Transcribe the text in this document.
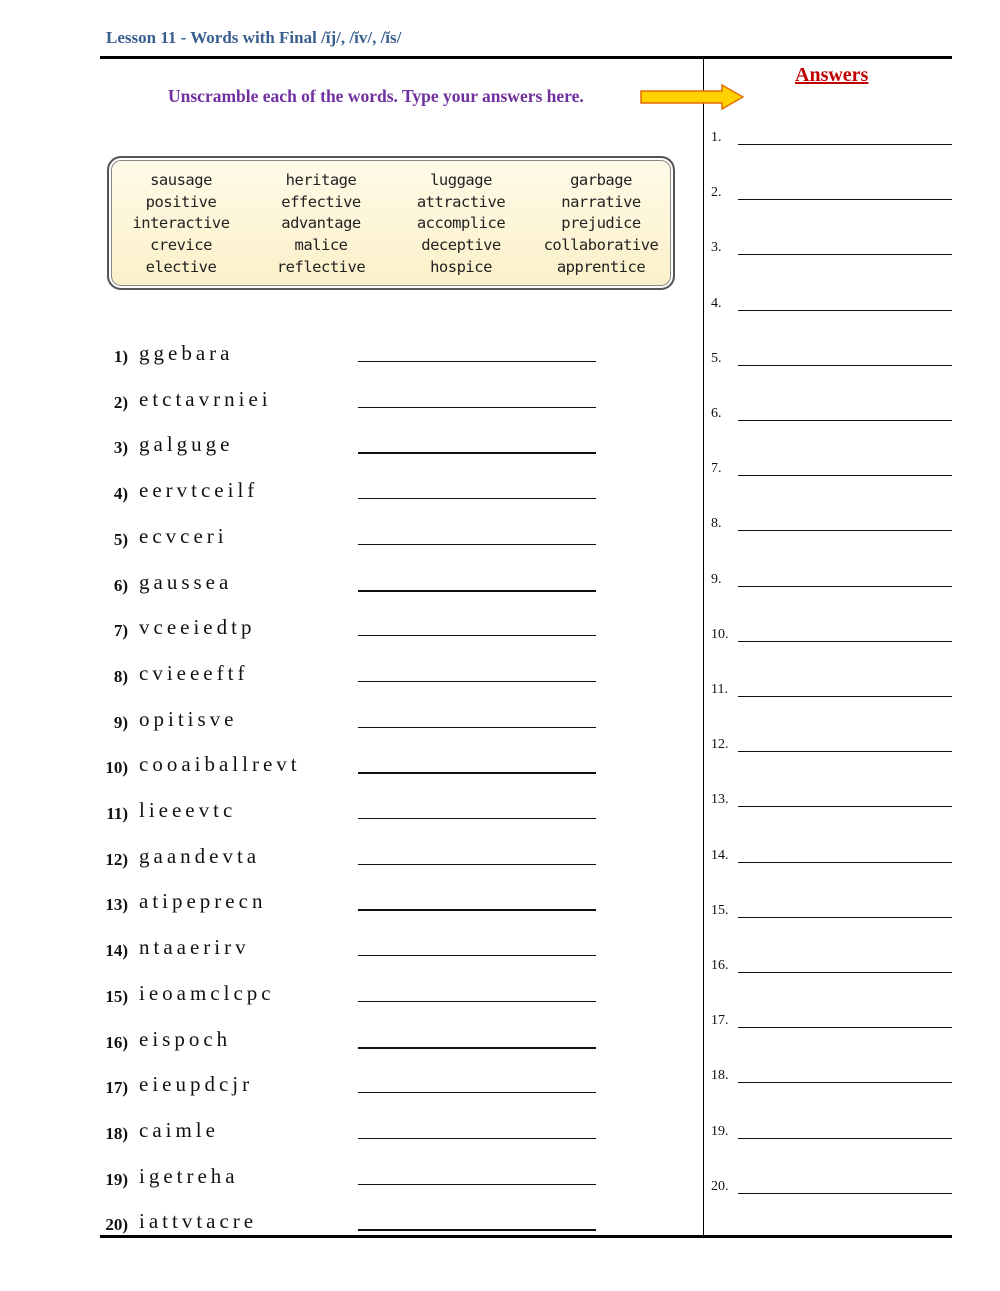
Lesson 11 - Words with Final /ĭj/, /ĭv/, /ĭs/
Answers
Unscramble each of the words. Type your answers here.
sausage	heritage	luggage	garbage
positive	effective	attractive	narrative
interactive	advantage	accomplice	prejudice
crevice	malice	deceptive	collaborative
elective	reflective	hospice	apprentice
1) ggebara
2) etctavrniei
3) galguge
4) eervtceilf
5) ecvceri
6) gaussea
7) vceeiedtp
8) cvieeeftf
9) opitisve
10) cooaiballrevt
11) lieeevtc
12) gaandevta
13) atipeprecn
14) ntaaerirv
15) ieoamclcpc
16) eispoch
17) eieupdcjr
18) caimle
19) igetreha
20) iattvtacre
1.
2.
3.
4.
5.
6.
7.
8.
9.
10.
11.
12.
13.
14.
15.
16.
17.
18.
19.
20.
